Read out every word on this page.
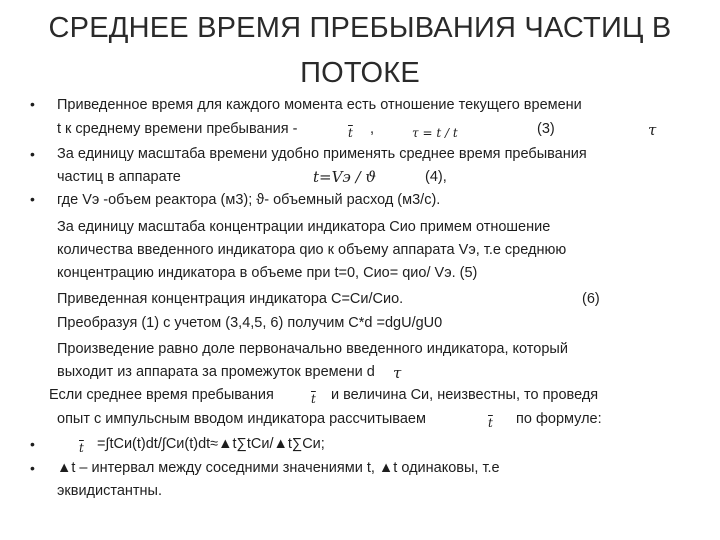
СРЕДНЕЕ ВРЕМЯ ПРЕБЫВАНИЯ ЧАСТИЦ В
ПОТОКЕ
•
•
•
•
•
Приведенное время для каждого момента есть отношение текущего времени
t к среднему времени пребывания -	$\overline{t}$ ,	τ = t / t	(3)	τ
За единицу масштаба времени удобно применять среднее время пребывания
частиц в аппарате	t=Vэ / ϑ	(4),
где Vэ -объем реактора (м3); ϑ- объемный расход (м3/с).
За единицу масштаба концентрации индикатора Cио примем отношение
количества введенного индикатора qио к объему аппарата Vэ, т.е среднюю
концентрацию индикатора в объеме при t=0, Cио= qио/ Vэ. (5)
Приведенная концентрация индикатора C=Cи/Cио.	(6)
Преобразуя (1) с учетом (3,4,5, 6) получим C*d =dgU/gU0
Произведение равно доле первоначально введенного индикатора, который
выходит из аппарата за промежуток времени d τ
Если среднее время пребывания	$\overline{t}$ и величина Cи, неизвестны, то проведя
опыт с импульсным вводом индикатора рассчитываем	$\overline{t}$ по формуле:
$\overline{t}$ =∫tCи(t)dt/∫Cи(t)dt≈▲t∑tCи/▲t∑Cи;
▲t – интервал между соседними значениями t, ▲t одинаковы, т.е
эквидистантны.
